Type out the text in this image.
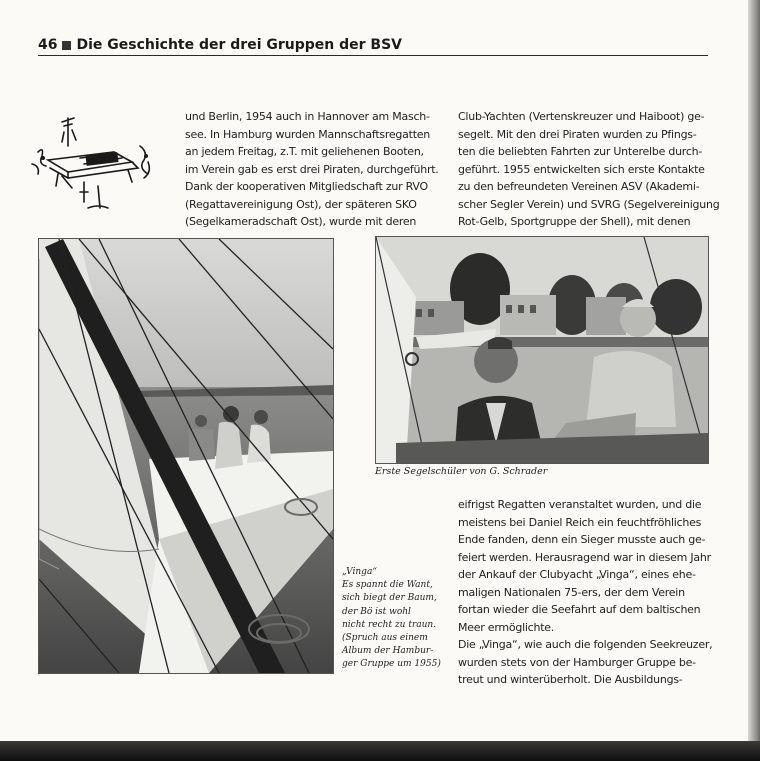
46 Die Geschichte der drei Gruppen der BSV
und Berlin, 1954 auch in Hannover am Masch-
see. In Hamburg wurden Mannschaftsregatten
an jedem Freitag, z.T. mit geliehenen Booten,
im Verein gab es erst drei Piraten, durchgeführt.
Dank der kooperativen Mitgliedschaft zur RVO
(Regattavereinigung Ost), der späteren SKO
(Segelkameradschaft Ost), wurde mit deren
Club-Yachten (Vertenskreuzer und Haiboot) ge-
segelt. Mit den drei Piraten wurden zu Pfings-
ten die beliebten Fahrten zur Unterelbe durch-
geführt. 1955 entwickelten sich erste Kontakte
zu den befreundeten Vereinen ASV (Akademi-
scher Segler Verein) und SVRG (Segelvereinigung
Rot-Gelb, Sportgruppe der Shell), mit denen
Erste Segelschüler von G. Schrader
„Vinga“
Es spannt die Want,
sich biegt der Baum,
der Bö ist wohl
nicht recht zu traun.
(Spruch aus einem
Album der Hambur-
ger Gruppe um 1955)
eifrigst Regatten veranstaltet wurden, und die
meistens bei Daniel Reich ein feuchtfröhliches
Ende fanden, denn ein Sieger musste auch ge-
feiert werden. Herausragend war in diesem Jahr
der Ankauf der Clubyacht „Vinga“, eines ehe-
maligen Nationalen 75-ers, der dem Verein
fortan wieder die Seefahrt auf dem baltischen
Meer ermöglichte.
Die „Vinga“, wie auch die folgenden Seekreuzer,
wurden stets von der Hamburger Gruppe be-
treut und winterüberholt. Die Ausbildungs-
